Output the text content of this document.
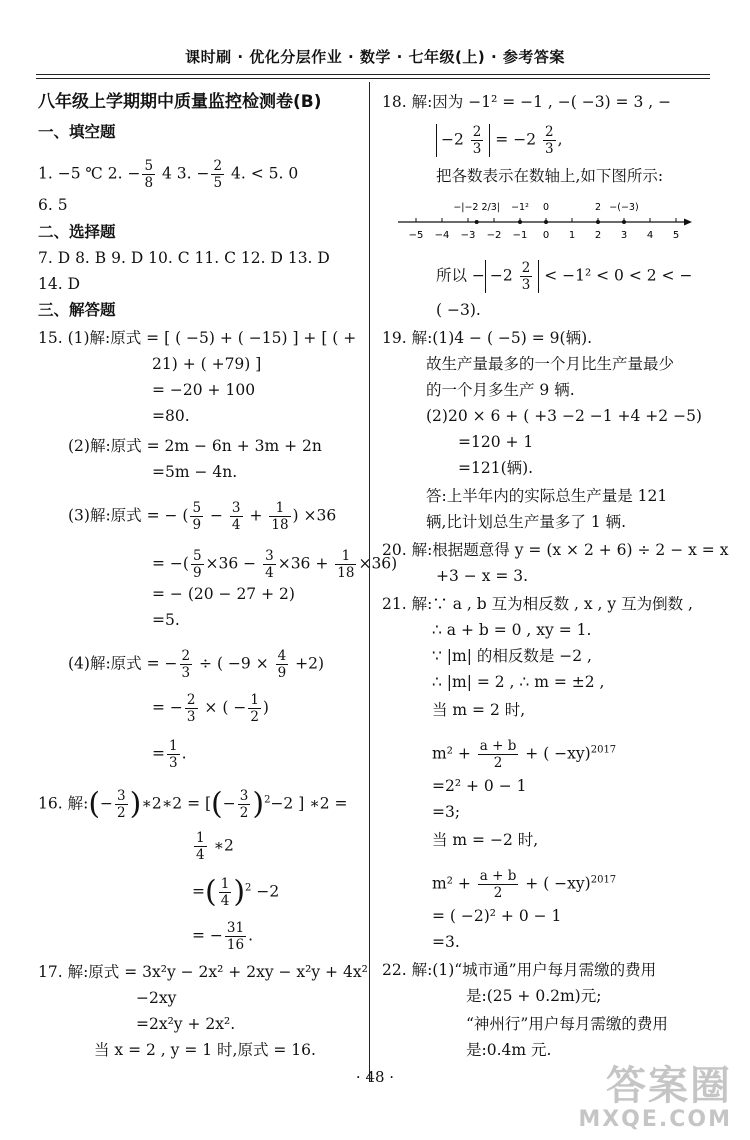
课时刷 · 优化分层作业 · 数学 · 七年级(上) · 参考答案
八年级上学期期中质量监控检测卷(B)
一、填空题
1. −5 ℃ 2. − $\frac{5}{8} 4$ 3. − $\frac{2}{5} 4$. < 5. 0
6. 5
二、选择题
7. D 8. B 9. D 10. C 11. C 12. D 13. D
14. D
三、解答题
15. (1)解:原式 = [ ( −5) + ( −15) ] + [ ( +
21) + ( +79) ]
= −20 + 100
=80.
(2)解:原式 = 2m − 6n + 3m + 2n
=5m − 4n.
(3)解:原式 = − ( $\frac{5}{9} - \frac{3}{4} + \frac{1}{18}$ ) ×36
= −( $\frac{5}{9} \times 36 - \frac{3}{4} \times 36 + \frac{1}{18} \times 36$)
= − (20 − 27 + 2)
=5.
(4)解:原式 = − $\frac{2}{3}$ ÷ ( $-9 \times \frac{4}{9} +2$)
= − $\frac{2}{3}$ × ( − $\frac{1}{2}$ )
= $\frac{1}{3}$ .
16. 解:(− $\frac{3}{2}$ )∗2∗2 = [(− $\frac{3}{2} )^2-2$ ] ∗2 =
$\frac{1}{4}$ ∗2
=( $\frac{1}{4} )^2 -2$
= − $\frac{31}{16}$ .
17. 解:原式 = 3x²y − 2x² + 2xy − x²y + 4x²
−2xy
=2x²y + 2x².
当 x = 2 , y = 1 时,原式 = 16.
18. 解:因为 −1² = −1 , −( −3) = 3 , −
$-2 \frac{2}{3} = -2 \frac{2}{3}$ ,
把各数表示在数轴上,如下图所示:
−5 −4 −3 −2 −1 0 1 2 3 4 5
−|−2 2/3| −1² 0	2 −(−3)
所以 − $-2 \frac{2}{3} < -1^2 < 0 < 2$ < −
( −3).
19. 解:(1)4 − ( −5) = 9(辆).
故生产量最多的一个月比生产量最少
的一个月多生产 9 辆.
(2)20 × 6 + ( +3 −2 −1 +4 +2 −5)
=120 + 1
=121(辆).
答:上半年内的实际总生产量是 121
辆,比计划总生产量多了 1 辆.
20. 解:根据题意得 y = (x × 2 + 6) ÷ 2 − x = x
+3 − x = 3.
21. 解:∵ a , b 互为相反数 , x , y 互为倒数 ,
∴ a + b = 0 , xy = 1.
∵ |m| 的相反数是 −2 ,
∴ |m| = 2 , ∴ m = ±2 ,
当 m = 2 时,
$m^2 + \frac{a + b}{2}$ + ( −xy)$^{2017}$
=2² + 0 − 1
=3;
当 m = −2 时,
$m^2 + \frac{a + b}{2}$ + ( −xy)$^{2017}$
= ( −2)² + 0 − 1
=3.
22. 解:(1)“城市通”用户每月需缴的费用
是:(25 + 0.2m)元;
“神州行”用户每月需缴的费用
是:0.4m 元.
· 48 ·	答案圈
MXQE.COM
